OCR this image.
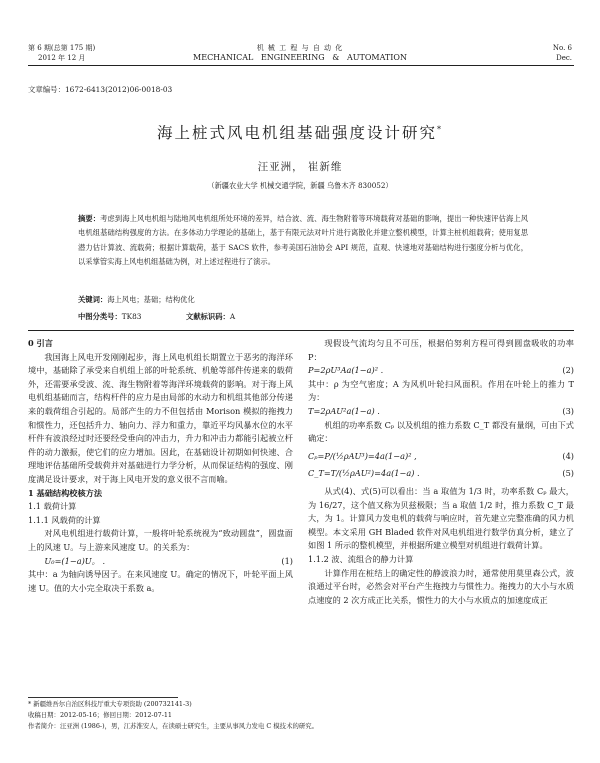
第 6 期(总第 175 期)
2012 年 12 月
机 械 工 程 与 自 动 化
MECHANICAL   ENGINEERING   &   AUTOMATION
No. 6
Dec.
文章编号：1672-6413(2012)06-0018-03
海上桩式风电机组基础强度设计研究*
汪亚洲， 崔新维
（新疆农业大学 机械交通学院，新疆 乌鲁木齐 830052）
摘要：考虑到海上风电机组与陆地风电机组所处环境的差异，结合波、流、海生物附着等环境载荷对基础的影响，提出一种快速评估海上风电机组基础结构强度的方法。在多体动力学理论的基础上，基于有限元法对叶片进行离散化并建立整机模型，计算主桩机组载荷；使用复思潜力估计算波、流载荷；根据计算载荷，基于 SACS 软件，参考美国石油协会 API 规范，直观、快速地对基础结构进行强度分析与优化，以采掌管实海上风电机组基础为例，对上述过程进行了演示。
关键词：海上风电；基础；结构优化
中图分类号：TK83	文献标识码：A

0 引言

我国海上风电开发刚刚起步，海上风电机组长期置立于恶劣的海洋环境中，基础除了承受来自机组上部的叶轮系统、机舱等部件传递来的载荷外，还需要承受波、流、海生物附着等海洋环境载荷的影响。对于海上风电机组基础而言，结构杆件的应力是由局部的水动力和机组其他部分传递来的载荷组合引起的。局部产生的力不但包括由 Morison 模拟的拖拽力和惯性力，还包括升力、轴向力、浮力和重力，靠近平均风暴水位的水平杆件有波浪经过时还要经受垂向的冲击力，升力和冲击力都能引起被立杆件的动力激振，使它们的应力增加。因此，在基础设计初期如何快速、合理地评估基础所受载荷并对基础进行力学分析，从而保证结构的强度、刚度满足设计要求，对于海上风电开发的意义很不言而喻。

1 基础结构校核方法

1.1 载荷计算

1.1.1 风载荷的计算

对风电机组进行载荷计算，一般将叶轮系统视为“致动圆盘”，圆盘面上的风速 U。与上游来风速度 U。的关系为：

U₀=(1−a)U。 .	(1)

其中：a 为轴向诱导因子。在来风速度 U。确定的情况下，叶轮平面上风速 U。值的大小完全取决于系数 a。

现假设气流均匀且不可压，根据伯努利方程可得到圆盘吸收的功率 P：

P=2ρU³Aa(1−a)² .	(2)

其中：ρ 为空气密度；A 为风机叶轮扫风面积。作用在叶轮上的推力 T 为：

T=2ρAU²a(1−a) .	(3)

机组的功率系数 Cₚ 以及机组的推力系数 C_T 都没有量纲，可由下式确定：

Cₚ=P/(½ρAU³)=4a(1−a)² ,	(4)
C_T=T/(½ρAU²)=4a(1−a) .	(5)

从式(4)、式(5)可以看出：当 a 取值为 1/3 时，功率系数 Cₚ 最大，为 16/27，这个值又称为贝兹极限；当 a 取值 1/2 时，推力系数 C_T 最大，为 1。计算风力发电机的载荷与响应时，首先建立完整准确的风力机模型。本文采用 GH Bladed 软件对风电机组进行数学仿真分析，建立了如图 1 所示的整机模型，并根据所建立模型对机组进行载荷计算。

1.1.2 波、流组合的静力计算

计算作用在桩结上的确定性的静波浪力时，通常使用莫里森公式，波浪通过平台时，必然会对平台产生拖拽力与惯性力。拖拽力的大小与水质点速度的 2 次方成正比关系，惯性力的大小与水质点的加速度成正

* 新疆维吾尔自治区科技厅重大专项资助 (200732141-3)
收稿日期：2012-05-16；修回日期：2012-07-11
作者简介：汪亚洲 (1986-)，男，江苏淮安人，在读硕士研究生，主要从事风力发电 C 模技术的研究。
